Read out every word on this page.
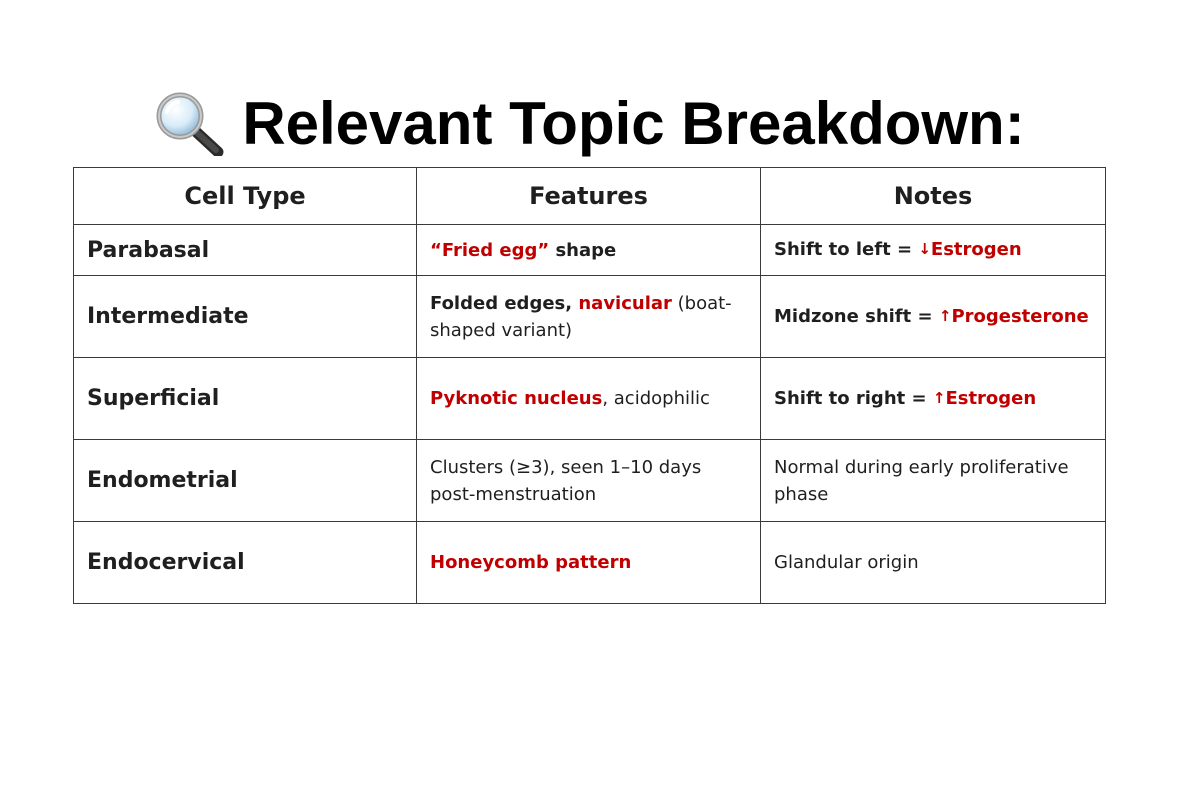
Relevant Topic Breakdown:
Cell Type	Features	Notes
Parabasal	“Fried egg” shape	Shift to left = ↓Estrogen
Intermediate	Folded edges, navicular (boat-shaped variant)	Midzone shift = ↑Progesterone
Superficial	Pyknotic nucleus, acidophilic	Shift to right = ↑Estrogen
Endometrial	Clusters (≥3), seen 1–10 days post-menstruation	Normal during early proliferative phase
Endocervical	Honeycomb pattern	Glandular origin
